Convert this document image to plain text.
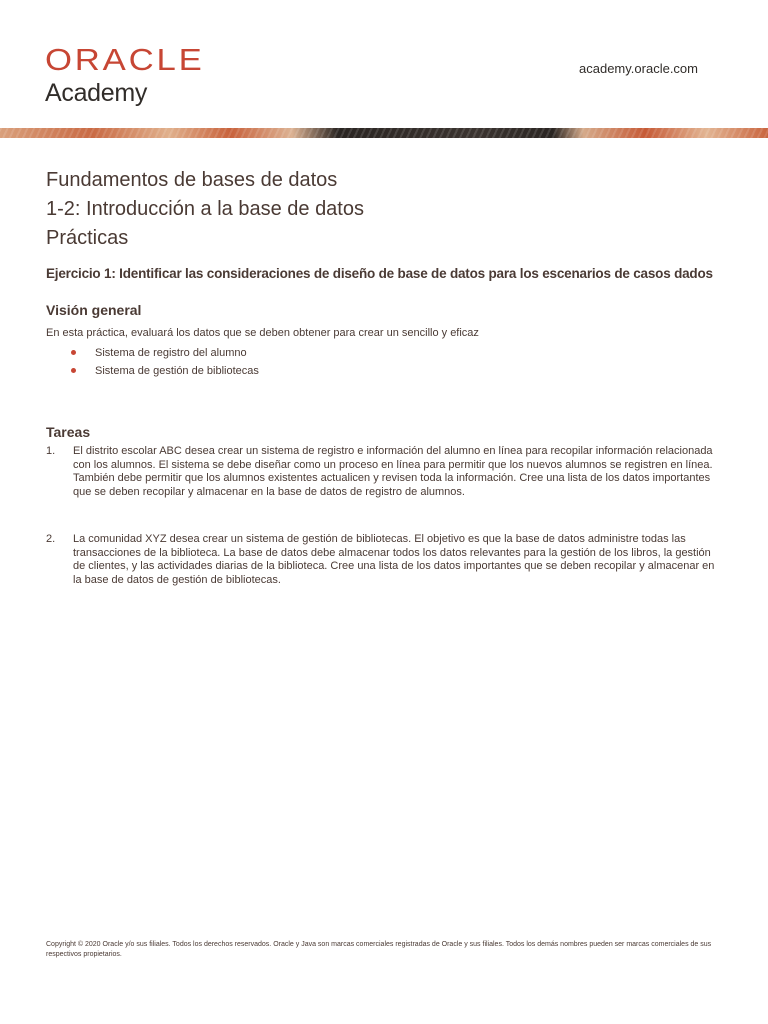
ORACLE
Academy
academy.oracle.com
Fundamentos de bases de datos
1-2: Introducción a la base de datos
Prácticas
Ejercicio 1: Identificar las consideraciones de diseño de base de datos para los escenarios de casos dados
Visión general
En esta práctica, evaluará los datos que se deben obtener para crear un sencillo y eficaz
Sistema de registro del alumno
Sistema de gestión de bibliotecas
Tareas
1. El distrito escolar ABC desea crear un sistema de registro e información del alumno en línea para recopilar información relacionada con los alumnos. El sistema se debe diseñar como un proceso en línea para permitir que los nuevos alumnos se registren en línea. También debe permitir que los alumnos existentes actualicen y revisen toda la información. Cree una lista de los datos importantes que se deben recopilar y almacenar en la base de datos de registro de alumnos.
2. La comunidad XYZ desea crear un sistema de gestión de bibliotecas. El objetivo es que la base de datos administre todas las transacciones de la biblioteca. La base de datos debe almacenar todos los datos relevantes para la gestión de los libros, la gestión de clientes, y las actividades diarias de la biblioteca. Cree una lista de los datos importantes que se deben recopilar y almacenar en la base de datos de gestión de bibliotecas.
Copyright © 2020 Oracle y/o sus filiales. Todos los derechos reservados. Oracle y Java son marcas comerciales registradas de Oracle y sus filiales. Todos los demás nombres pueden ser marcas comerciales de sus respectivos propietarios.
